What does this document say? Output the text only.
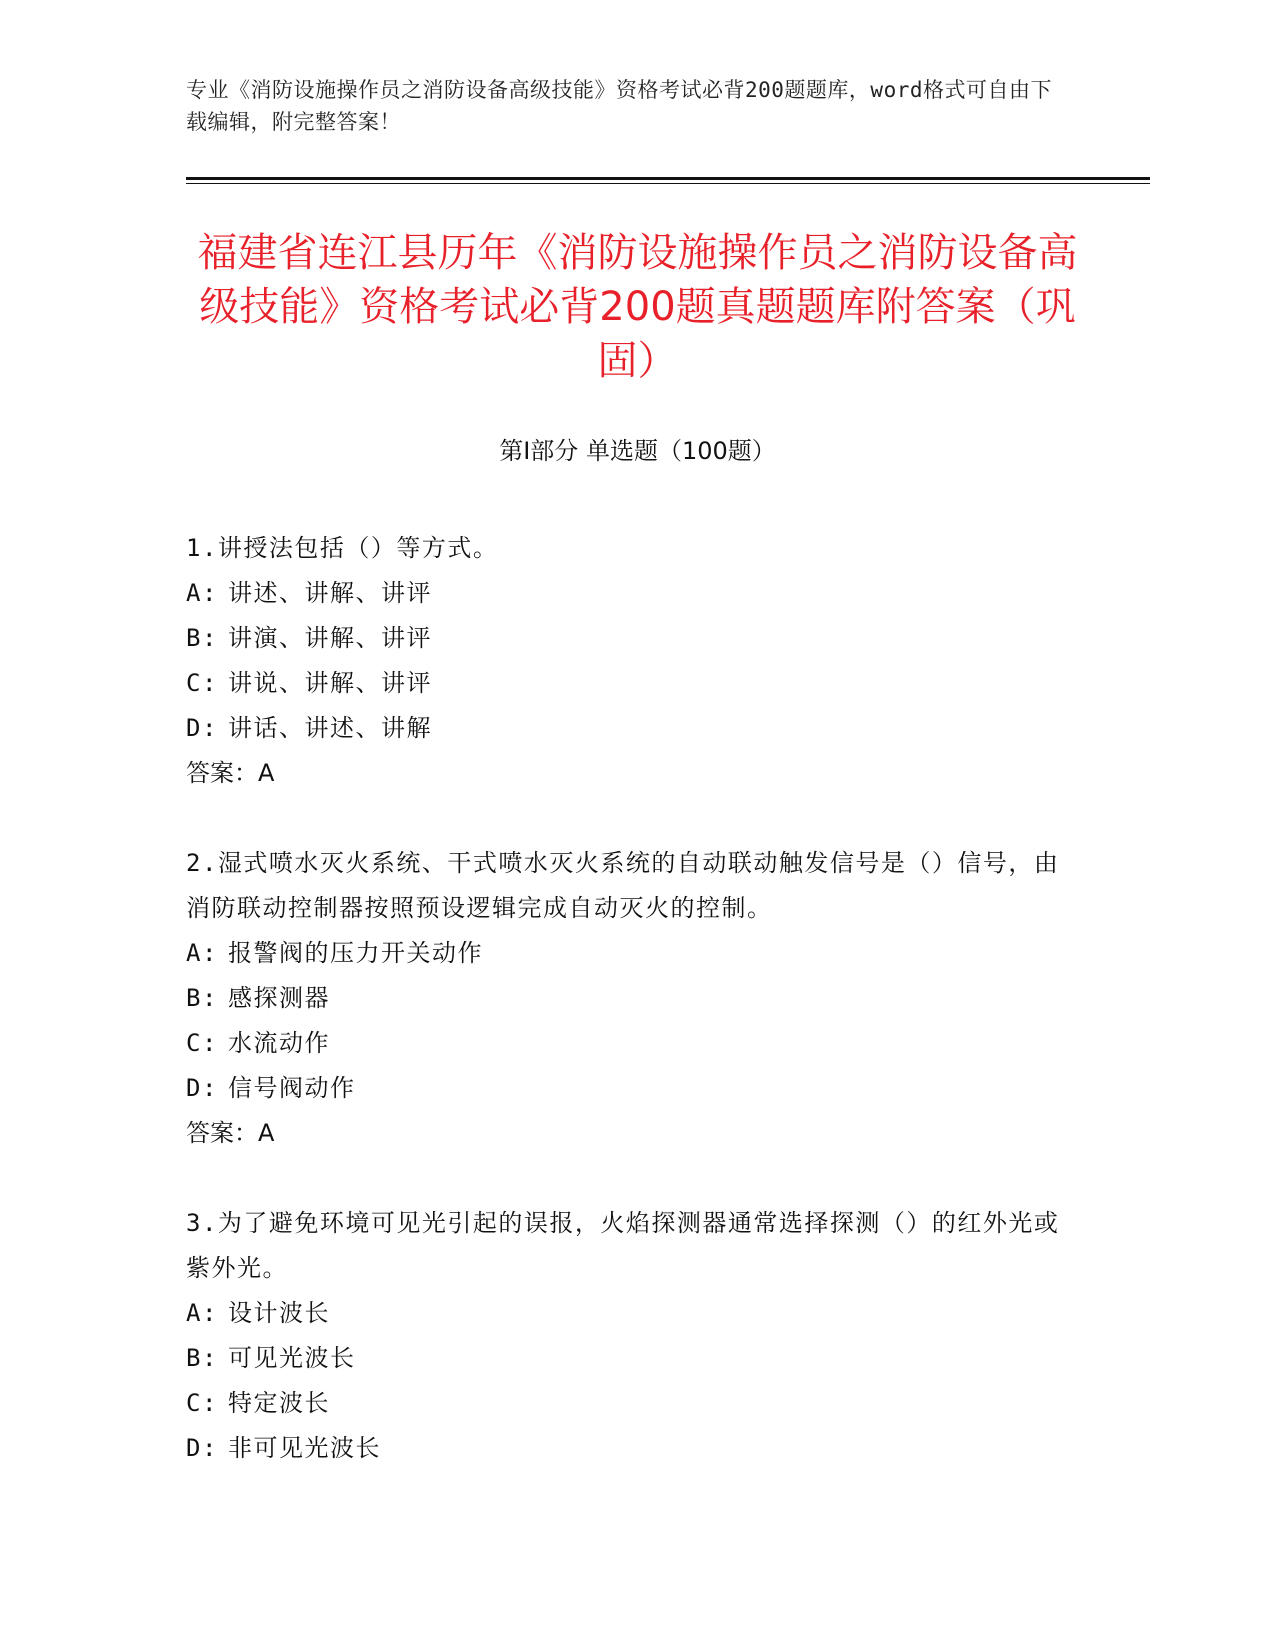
专业《消防设施操作员之消防设备高级技能》资格考试必背200题题库，word格式可自由下载编辑，附完整答案！
福建省连江县历年《消防设施操作员之消防设备高级技能》资格考试必背200题真题题库附答案（巩固）
第I部分 单选题（100题）
1.讲授法包括（）等方式。
A: 讲述、讲解、讲评
B: 讲演、讲解、讲评
C: 讲说、讲解、讲评
D: 讲话、讲述、讲解
答案：A
2.湿式喷水灭火系统、干式喷水灭火系统的自动联动触发信号是（）信号，由消防联动控制器按照预设逻辑完成自动灭火的控制。
A: 报警阀的压力开关动作
B: 感探测器
C: 水流动作
D: 信号阀动作
答案：A
3.为了避免环境可见光引起的误报，火焰探测器通常选择探测（）的红外光或紫外光。
A: 设计波长
B: 可见光波长
C: 特定波长
D: 非可见光波长
